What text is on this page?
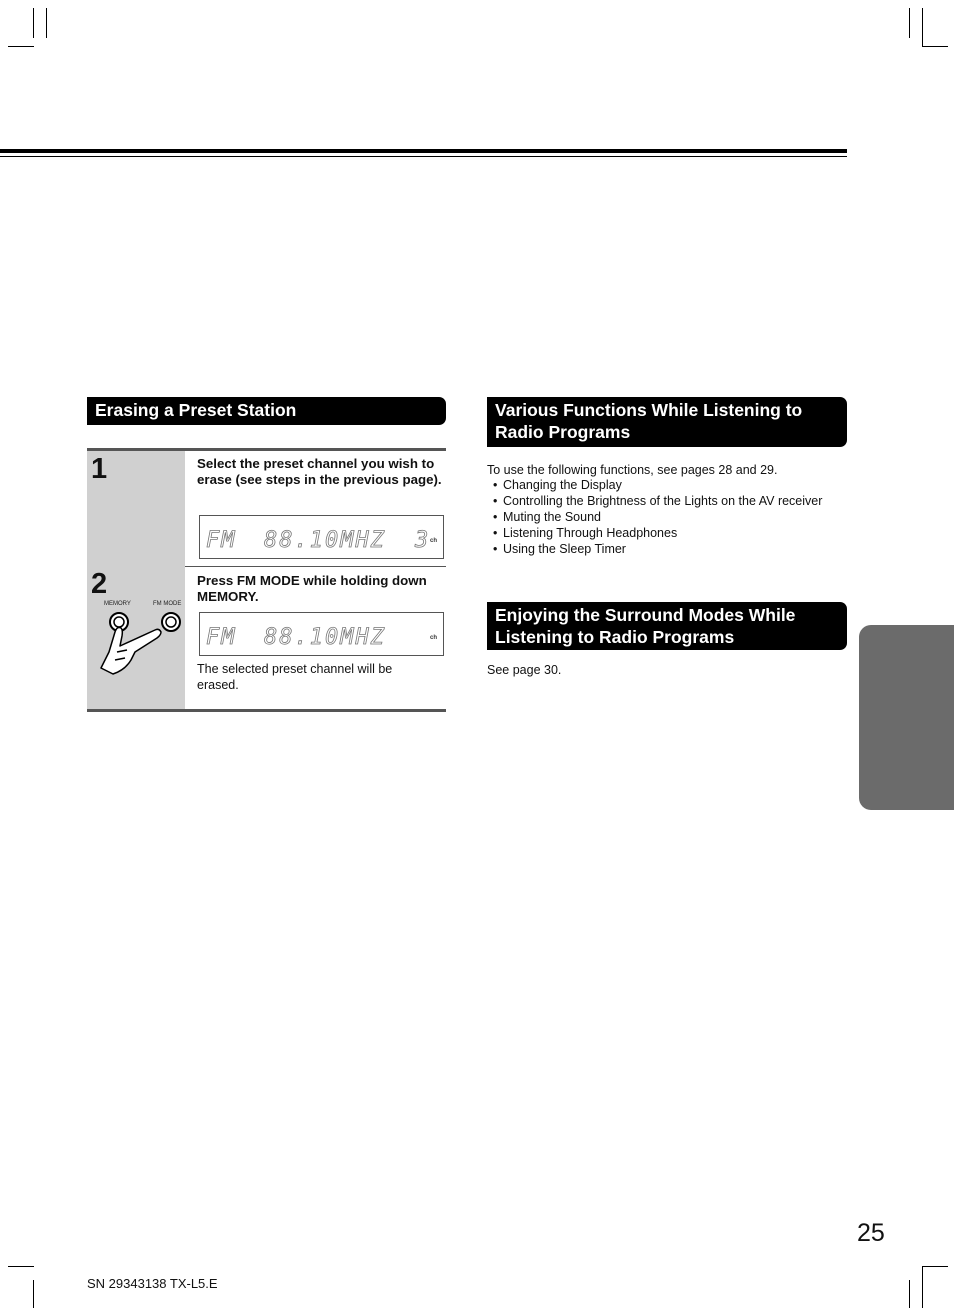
Erasing a Preset Station
1	Select the preset channel you wish to erase (see steps in the previous page).
FM 88.10MHZ 3 ch
2
MEMORY	FM MODE
Press FM MODE while holding down MEMORY.
FM 88.10MHZ	ch
The selected preset channel will be erased.
Various Functions While Listening to Radio Programs
To use the following functions, see pages 28 and 29.
• Changing the Display
• Controlling the Brightness of the Lights on the AV receiver
• Muting the Sound
• Listening Through Headphones
• Using the Sleep Timer
Enjoying the Surround Modes While Listening to Radio Programs
See page 30.
25
SN 29343138 TX-L5.E
